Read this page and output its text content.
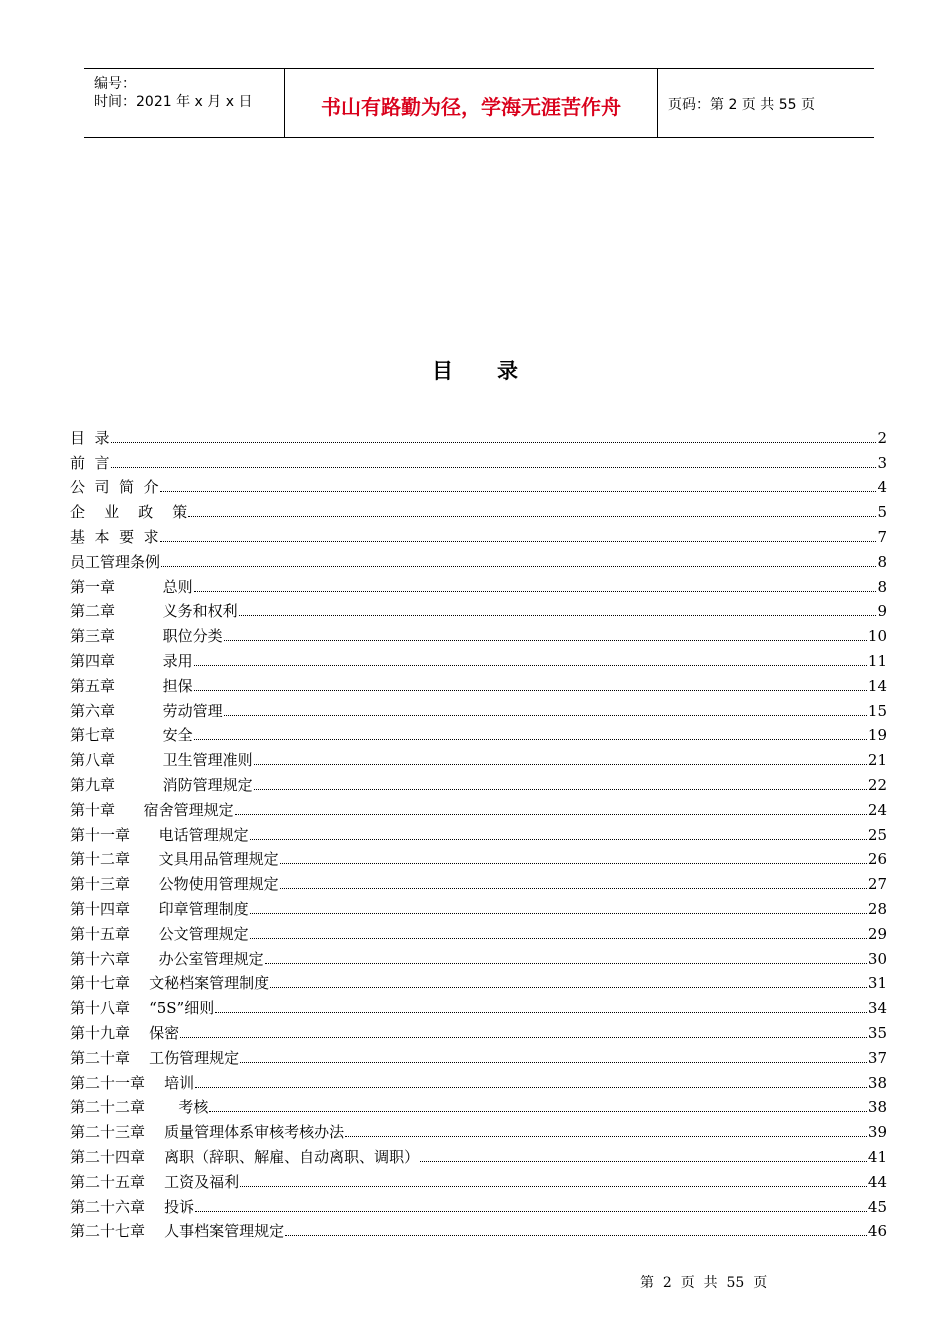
编号：
时间：2021 年 x 月 x 日	书山有路勤为径，学海无涯苦作舟	页码：第 2 页 共 55 页
目录
目  录	2
前  言	3
公  司  简  介	4
企    业    政    策	5
基  本  要  求	7
员工管理条例	8
第一章          总则	8
第二章          义务和权利	9
第三章          职位分类	10
第四章          录用	11
第五章          担保	14
第六章          劳动管理	15
第七章          安全	19
第八章          卫生管理准则	21
第九章          消防管理规定	22
第十章      宿舍管理规定	24
第十一章      电话管理规定	25
第十二章      文具用品管理规定	26
第十三章      公物使用管理规定	27
第十四章      印章管理制度	28
第十五章      公文管理规定	29
第十六章      办公室管理规定	30
第十七章    文秘档案管理制度	31
第十八章    “5S”细则	34
第十九章    保密	35
第二十章    工伤管理规定	37
第二十一章    培训	38
第二十二章       考核	38
第二十三章    质量管理体系审核考核办法	39
第二十四章    离职（辞职、解雇、自动离职、调职）	41
第二十五章    工资及福利	44
第二十六章    投诉	45
第二十七章    人事档案管理规定	46
第  2  页  共  55  页
